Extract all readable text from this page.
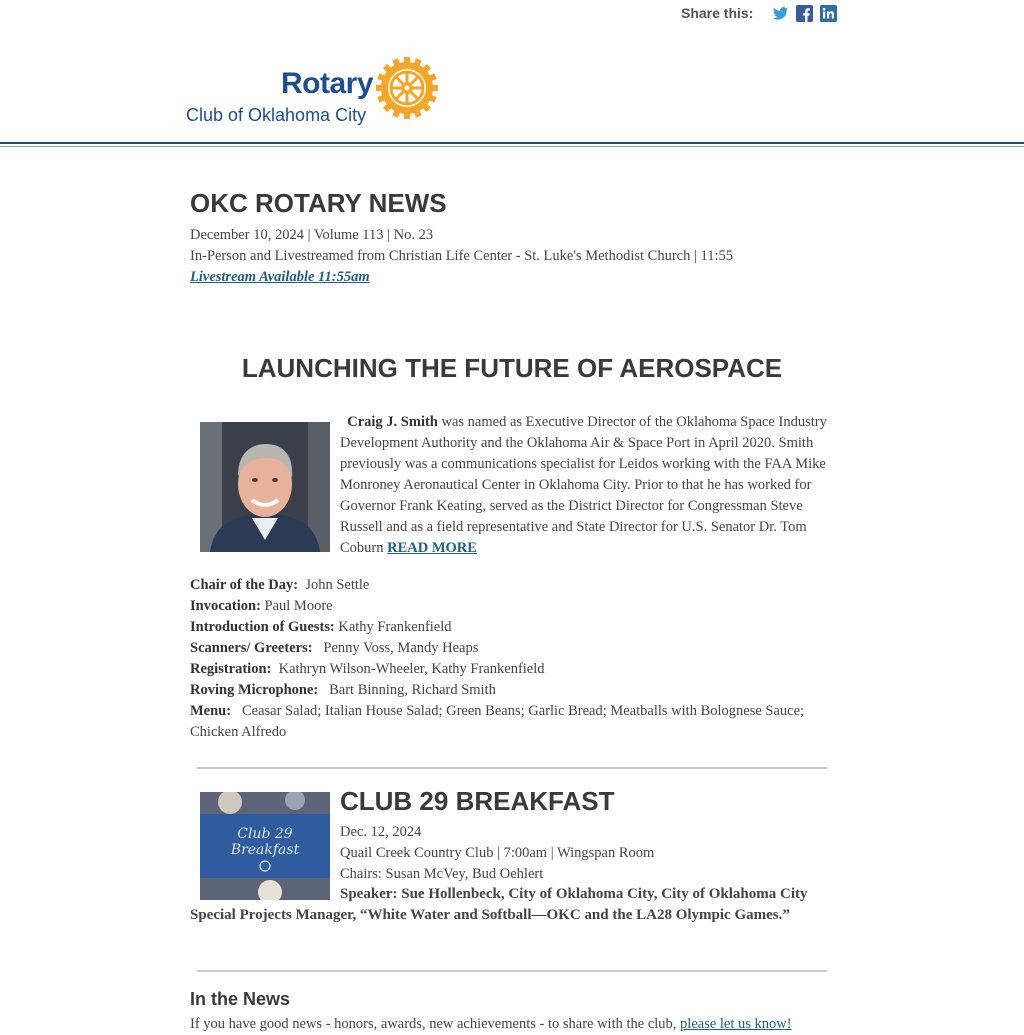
Share this:
Rotary
Club of Oklahoma City
OKC ROTARY NEWS
December 10, 2024 | Volume 113 | No. 23
In-Person and Livestreamed from Christian Life Center - St. Luke's Methodist Church | 11:55
Livestream Available 11:55am
LAUNCHING THE FUTURE OF AEROSPACE
Craig J. Smith was named as Executive Director of the Oklahoma Space Industry Development Authority and the Oklahoma Air & Space Port in April 2020. Smith previously was a communications specialist for Leidos working with the FAA Mike Monroney Aeronautical Center in Oklahoma City. Prior to that he has worked for Governor Frank Keating, served as the District Director for Congressman Steve Russell and as a field representative and State Director for U.S. Senator Dr. Tom Coburn READ MORE
Chair of the Day:  John Settle
Invocation: Paul Moore
Introduction of Guests: Kathy Frankenfield
Scanners/ Greeters:   Penny Voss, Mandy Heaps
Registration:  Kathryn Wilson-Wheeler, Kathy Frankenfield
Roving Microphone:   Bart Binning, Richard Smith
Menu:   Ceasar Salad; Italian House Salad; Green Beans; Garlic Bread; Meatballs with Bolognese Sauce; Chicken Alfredo
Club 29
Breakfast
CLUB 29 BREAKFAST
Dec. 12, 2024
Quail Creek Country Club | 7:00am | Wingspan Room
Chairs: Susan McVey, Bud Oehlert
Speaker: Sue Hollenbeck, City of Oklahoma City, City of Oklahoma City Special Projects Manager, “White Water and Softball—OKC and the LA28 Olympic Games.”
In the News
If you have good news - honors, awards, new achievements - to share with the club, please let us know!
